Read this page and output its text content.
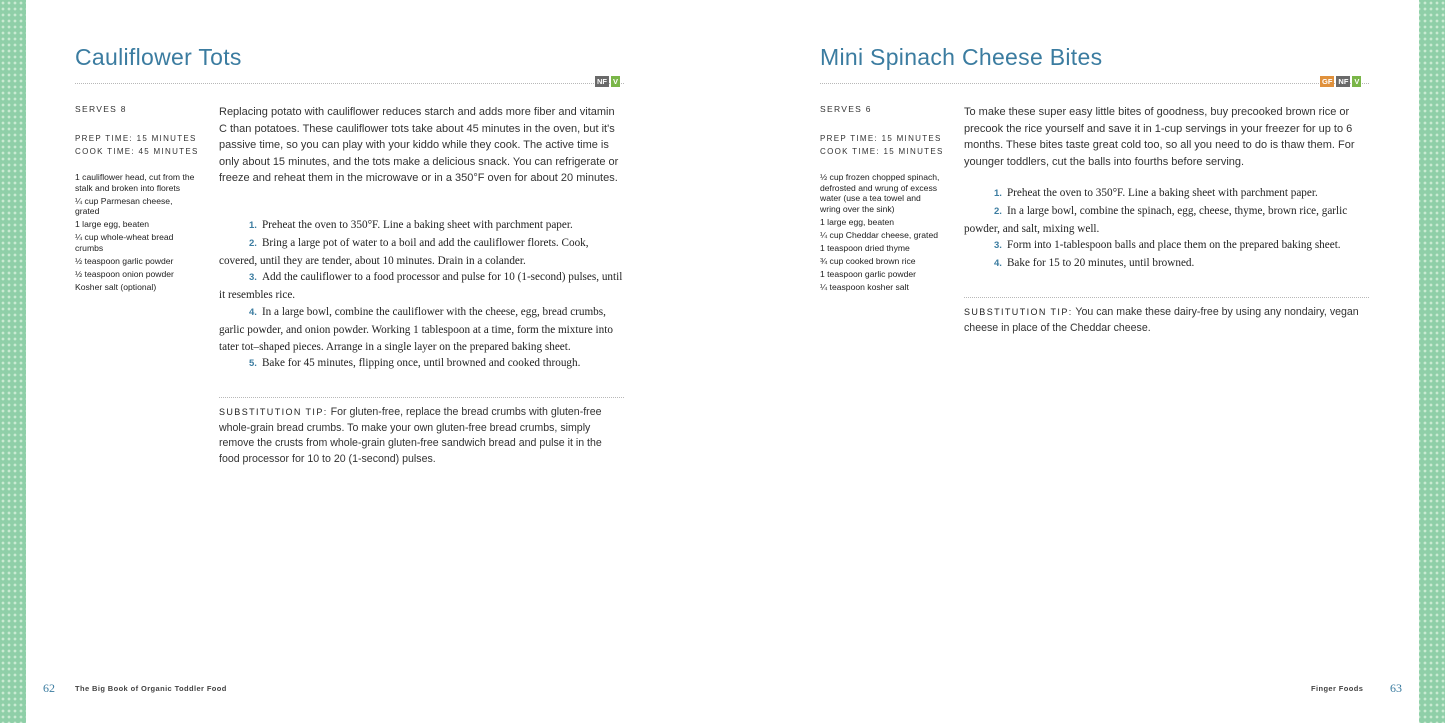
Cauliflower Tots
NF V
SERVES 8
PREP TIME: 15 MINUTES
COOK TIME: 45 MINUTES
1 cauliflower head, cut from the stalk and broken into florets
¼ cup Parmesan cheese, grated
1 large egg, beaten
¼ cup whole-wheat bread crumbs
½ teaspoon garlic powder
½ teaspoon onion powder
Kosher salt (optional)

Replacing potato with cauliflower reduces starch and adds more fiber and vitamin C than potatoes. These cauliflower tots take about 45 minutes in the oven, but it's passive time, so you can play with your kiddo while they cook. The active time is only about 15 minutes, and the tots make a delicious snack. You can refrigerate or freeze and reheat them in the microwave or in a 350°F oven for about 20 minutes.

1. Preheat the oven to 350°F. Line a baking sheet with parchment paper.
2. Bring a large pot of water to a boil and add the cauliflower florets. Cook, covered, until they are tender, about 10 minutes. Drain in a colander.
3. Add the cauliflower to a food processor and pulse for 10 (1-second) pulses, until it resembles rice.
4. In a large bowl, combine the cauliflower with the cheese, egg, bread crumbs, garlic powder, and onion powder. Working 1 tablespoon at a time, form the mixture into tater tot–shaped pieces. Arrange in a single layer on the prepared baking sheet.
5. Bake for 45 minutes, flipping once, until browned and cooked through.

SUBSTITUTION TIP: For gluten-free, replace the bread crumbs with gluten-free whole-grain bread crumbs. To make your own gluten-free bread crumbs, simply remove the crusts from whole-grain gluten-free sandwich bread and pulse it in the food processor for 10 to 20 (1-second) pulses.

62	The Big Book of Organic Toddler Food
Mini Spinach Cheese Bites
GF NF V
SERVES 6
PREP TIME: 15 MINUTES
COOK TIME: 15 MINUTES
½ cup frozen chopped spinach, defrosted and wrung of excess water (use a tea towel and wring over the sink)
1 large egg, beaten
¼ cup Cheddar cheese, grated
1 teaspoon dried thyme
¾ cup cooked brown rice
1 teaspoon garlic powder
¼ teaspoon kosher salt

To make these super easy little bites of goodness, buy precooked brown rice or precook the rice yourself and save it in 1-cup servings in your freezer for up to 6 months. These bites taste great cold too, so all you need to do is thaw them. For younger toddlers, cut the balls into fourths before serving.

1. Preheat the oven to 350°F. Line a baking sheet with parchment paper.
2. In a large bowl, combine the spinach, egg, cheese, thyme, brown rice, garlic powder, and salt, mixing well.
3. Form into 1-tablespoon balls and place them on the prepared baking sheet.
4. Bake for 15 to 20 minutes, until browned.

SUBSTITUTION TIP: You can make these dairy-free by using any nondairy, vegan cheese in place of the Cheddar cheese.

Finger Foods 63
